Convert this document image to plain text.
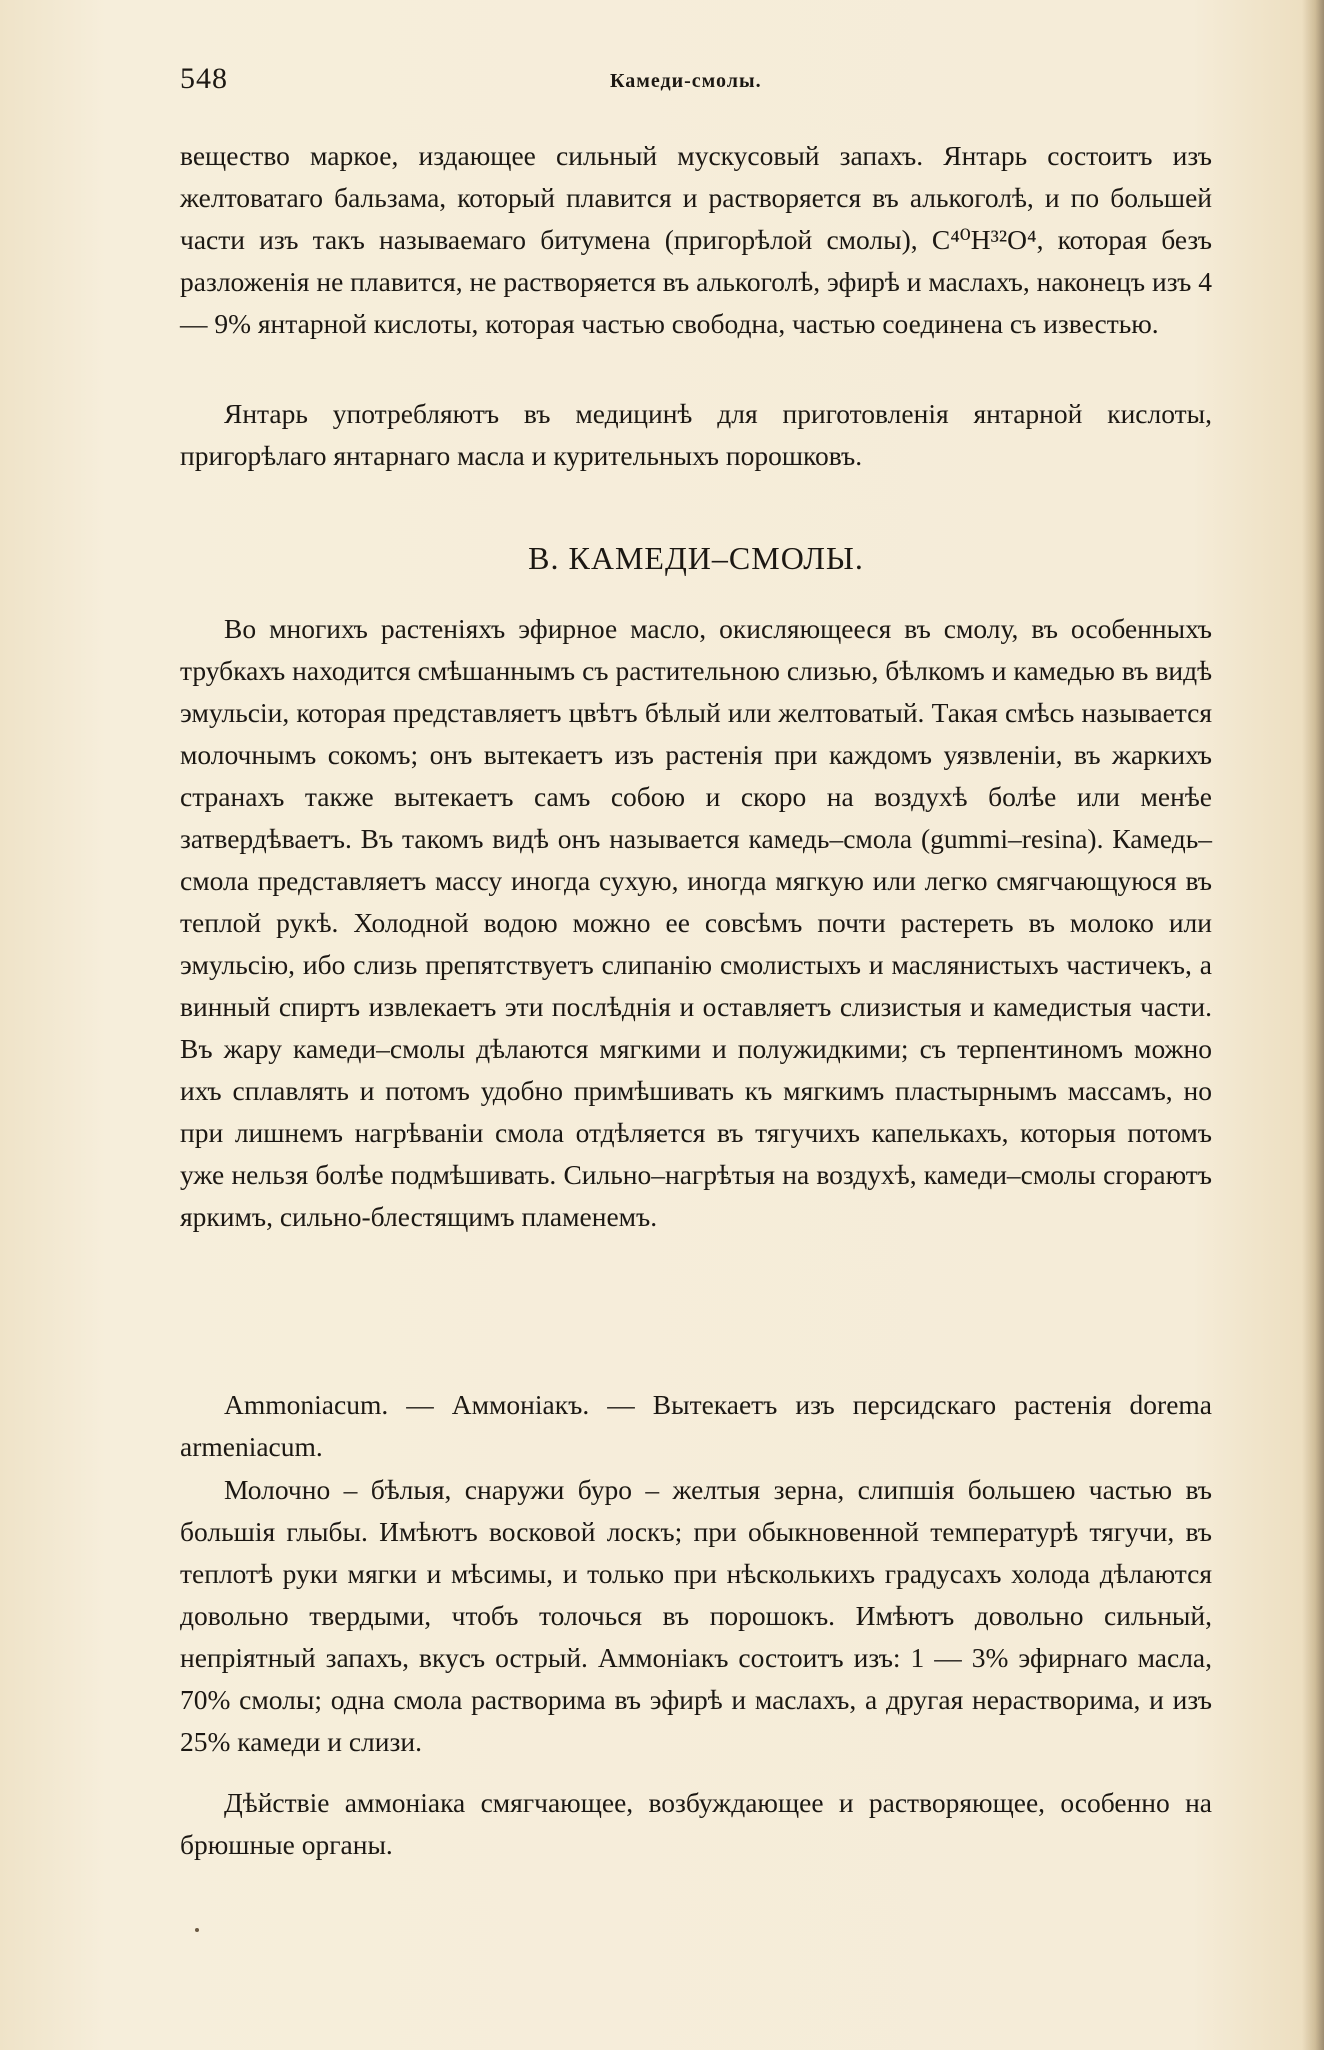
548	Камеди-смолы.

вещество маркое, издающее сильный мускусовый запахъ. Янтарь состоитъ изъ желтоватаго бальзама, который плавится и растворяется въ алькоголѣ, и по большей части изъ такъ называемаго битумена (пригорѣлой смолы), C⁴⁰H³²O⁴, которая безъ разложенія не плавится, не растворяется въ алькоголѣ, эфирѣ и маслахъ, наконецъ изъ 4 — 9% янтарной кислоты, которая частью свободна, частью соединена съ известью.

Янтарь употребляютъ въ медицинѣ для приготовленія янтарной кислоты, пригорѣлаго янтарнаго масла и курительныхъ порошковъ.

В. КАМЕДИ–СМОЛЫ.

Во многихъ растеніяхъ эфирное масло, окисляющееся въ смолу, въ особенныхъ трубкахъ находится смѣшаннымъ съ растительною слизью, бѣлкомъ и камедью въ видѣ эмульсіи, которая представляетъ цвѣтъ бѣлый или желтоватый. Такая смѣсь называется молочнымъ сокомъ; онъ вытекаетъ изъ растенія при каждомъ уязвленіи, въ жаркихъ странахъ также вытекаетъ самъ собою и скоро на воздухѣ болѣе или менѣе затвердѣваетъ. Въ такомъ видѣ онъ называется камедь–смола (gummi–resina). Камедь–смола представляетъ массу иногда сухую, иногда мягкую или легко смягчающуюся въ теплой рукѣ. Холодной водою можно ее совсѣмъ почти растереть въ молоко или эмульсію, ибо слизь препятствуетъ слипанію смолистыхъ и маслянистыхъ частичекъ, а винный спиртъ извлекаетъ эти послѣднія и оставляетъ слизистыя и камедистыя части. Въ жару камеди–смолы дѣлаются мягкими и полужидкими; съ терпентиномъ можно ихъ сплавлять и потомъ удобно примѣшивать къ мягкимъ пластырнымъ массамъ, но при лишнемъ нагрѣваніи смола отдѣляется въ тягучихъ капелькахъ, которыя потомъ уже нельзя болѣе подмѣшивать. Сильно–нагрѣтыя на воздухѣ, камеди–смолы сгораютъ яркимъ, сильно-блестящимъ пламенемъ.

Ammoniacum. — Аммоніакъ. — Вытекаетъ изъ персидскаго растенія dorema armeniacum.

Молочно – бѣлыя, снаружи буро – желтыя зерна, слипшія большею частью въ большія глыбы. Имѣютъ восковой лоскъ; при обыкновенной температурѣ тягучи, въ теплотѣ руки мягки и мѣсимы, и только при нѣсколькихъ градусахъ холода дѣлаются довольно твердыми, чтобъ толочься въ порошокъ. Имѣютъ довольно сильный, непріятный запахъ, вкусъ острый. Аммоніакъ состоитъ изъ: 1 — 3% эфирнаго масла, 70% смолы; одна смола растворима въ эфирѣ и маслахъ, а другая нерастворима, и изъ 25% камеди и слизи.

Дѣйствіе аммоніака смягчающее, возбуждающее и растворяющее, особенно на брюшные органы.
